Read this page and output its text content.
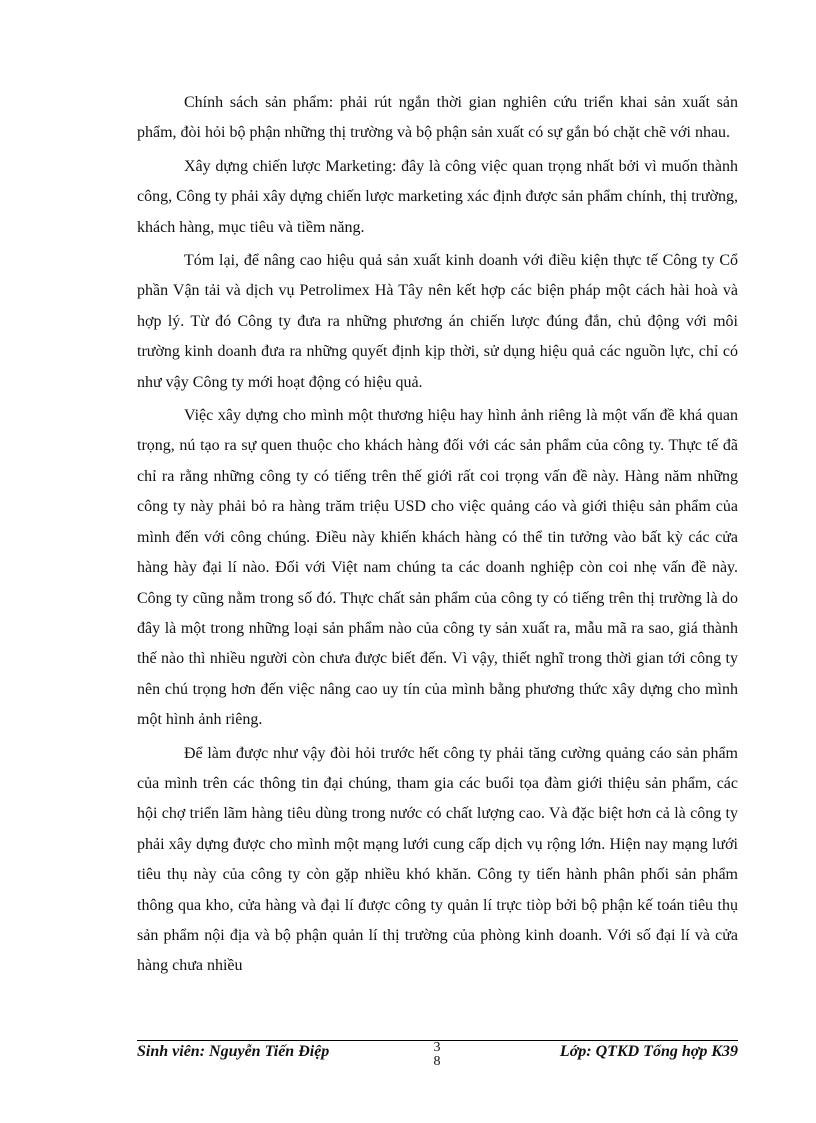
Chính sách sản phẩm: phải rút ngắn thời gian nghiên cứu triển khai sản xuất sản phẩm, đòi hỏi bộ phận những thị trường và bộ phận sản xuất có sự gắn bó chặt chẽ với nhau.

Xây dựng chiến lược Marketing: đây là công việc quan trọng nhất bởi vì muốn thành công, Công ty phải xây dựng chiến lược marketing xác định được sản phẩm chính, thị trường, khách hàng, mục tiêu và tiềm năng.

Tóm lại, để nâng cao hiệu quả sản xuất kinh doanh với điều kiện thực tế Công ty Cổ phần Vận tải và dịch vụ Petrolimex Hà Tây nên kết hợp các biện pháp một cách hài hoà và hợp lý. Từ đó Công ty đưa ra những phương án chiến lược đúng đắn, chủ động với môi trường kinh doanh đưa ra những quyết định kịp thời, sử dụng hiệu quả các nguồn lực, chỉ có như vậy Công ty mới hoạt động có hiệu quả.

Việc xây dựng cho mình một thương hiệu hay hình ảnh riêng là một vấn đề khá quan trọng, nú tạo ra sự quen thuộc cho khách hàng đối với các sản phẩm của công ty. Thực tế đã chỉ ra rằng những công ty có tiếng trên thế giới rất coi trọng vấn đề này. Hàng năm những công ty này phải bỏ ra hàng trăm triệu USD cho việc quảng cáo và giới thiệu sản phẩm của mình đến với công chúng. Điều này khiến khách hàng có thể tin tưởng vào bất kỳ các cửa hàng hày đại lí nào. Đối với Việt nam chúng ta các doanh nghiệp còn coi nhẹ vấn đề này. Công ty cũng nằm trong số đó. Thực chất sản phẩm của công ty có tiếng trên thị trường là do đây là một trong những loại sản phẩm nào của công ty sản xuất ra, mẫu mã ra sao, giá thành thế nào thì nhiều người còn chưa được biết đến. Vì vậy, thiết nghĩ trong thời gian tới công ty nên chú trọng hơn đến việc nâng cao uy tín của mình bằng phương thức xây dựng cho mình một hình ảnh riêng.

Để làm được như vậy đòi hỏi trước hết công ty phải tăng cường quảng cáo sản phẩm của mình trên các thông tin đại chúng, tham gia các buổi tọa đàm giới thiệu sản phẩm, các hội chợ triển lãm hàng tiêu dùng trong nước có chất lượng cao. Và đặc biệt hơn cả là công ty phải xây dựng được cho mình một mạng lưới cung cấp dịch vụ rộng lớn. Hiện nay mạng lưới tiêu thụ này của công ty còn gặp nhiều khó khăn. Công ty tiến hành phân phối sản phẩm thông qua kho, cửa hàng và đại lí được công ty quản lí trực tiòp bởi bộ phận kế toán tiêu thụ sản phẩm nội địa và bộ phận quản lí thị trường của phòng kinh doanh. Với số đại lí và cửa hàng chưa nhiều

Sinh viên: Nguyễn Tiến Điệp	3
8
Lớp: QTKD Tổng hợp K39
